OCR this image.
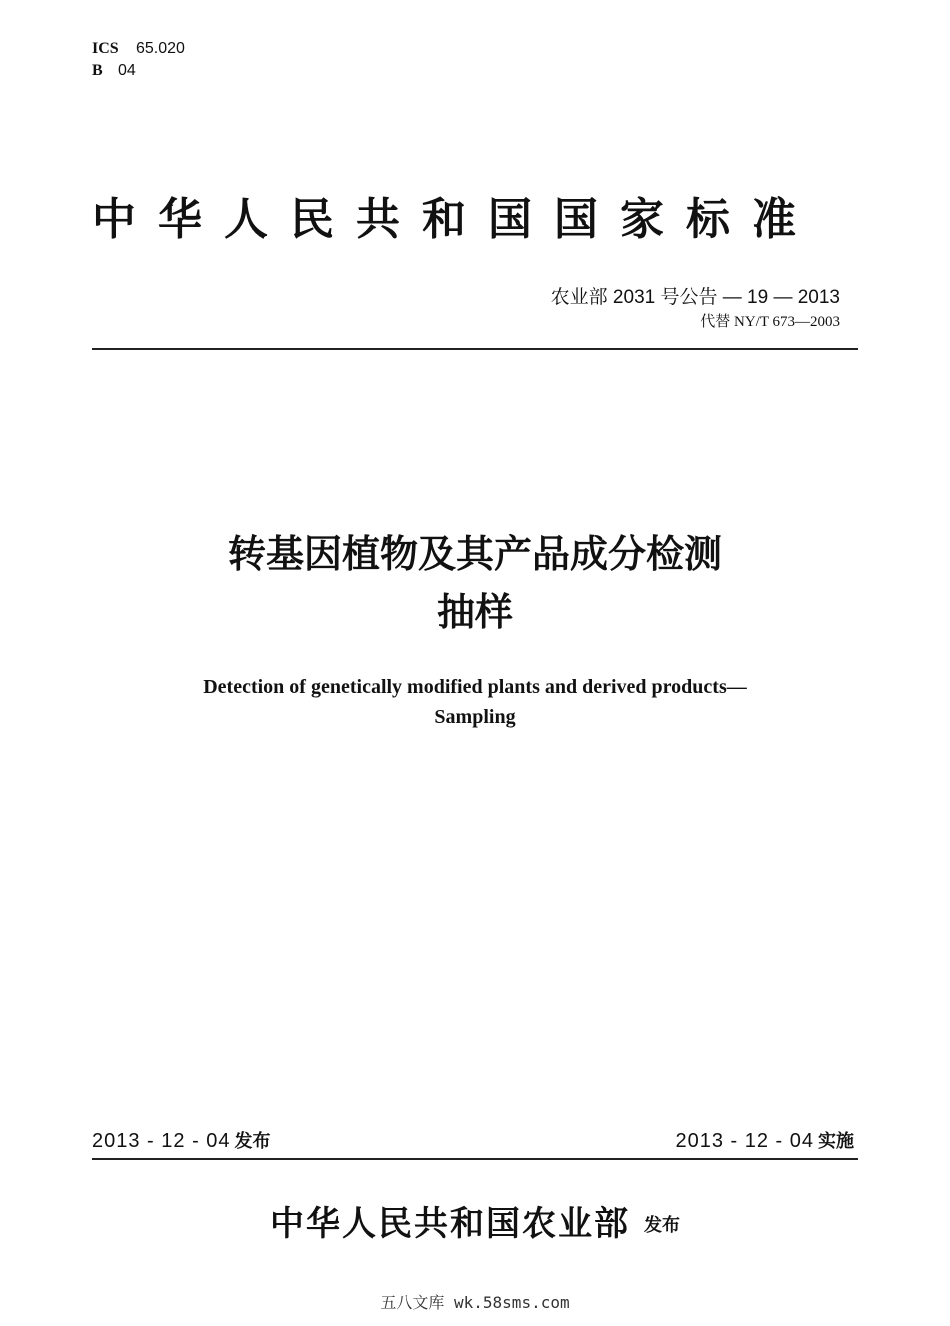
ICS 65.020
B 04
中华人民共和国国家标准
农业部 2031 号公告 — 19 — 2013
代替 NY/T 673—2003
转基因植物及其产品成分检测
抽样
Detection of genetically modified plants and derived products—
Sampling
2013 - 12 - 04 发布	2013 - 12 - 04 实施
中华人民共和国农业部 发布
五八文库 wk.58sms.com
